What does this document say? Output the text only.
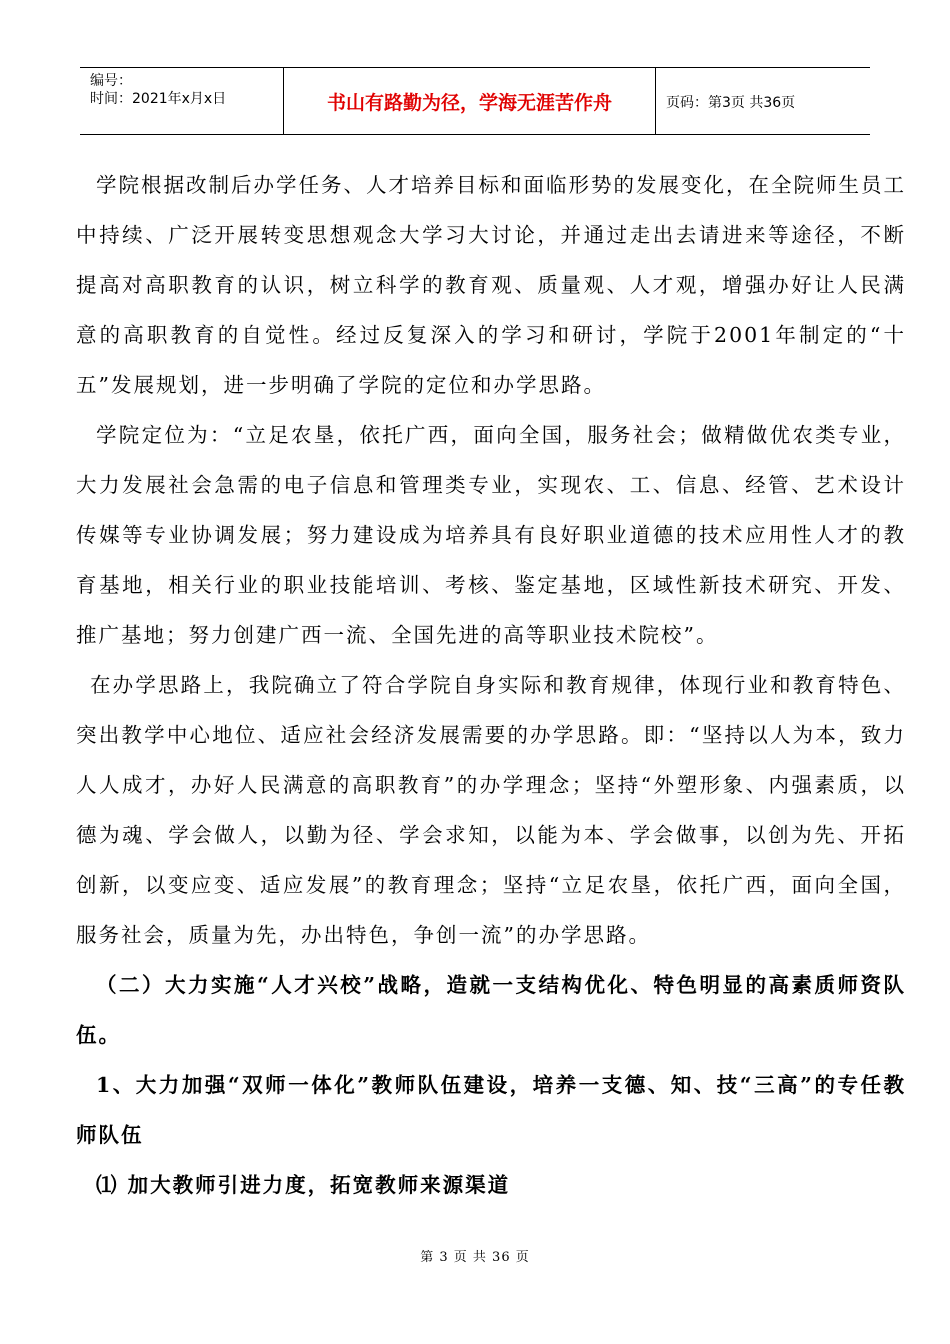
编号：
时间：2021年x月x日	书山有路勤为径，学海无涯苦作舟	页码：第3页 共36页

学院根据改制后办学任务、人才培养目标和面临形势的发展变化，在全院师生员工中持续、广泛开展转变思想观念大学习大讨论，并通过走出去请进来等途径，不断提高对高职教育的认识，树立科学的教育观、质量观、人才观，增强办好让人民满意的高职教育的自觉性。经过反复深入的学习和研讨，学院于2001年制定的“十五”发展规划，进一步明确了学院的定位和办学思路。

学院定位为：“立足农垦，依托广西，面向全国，服务社会；做精做优农类专业，大力发展社会急需的电子信息和管理类专业，实现农、工、信息、经管、艺术设计传媒等专业协调发展；努力建设成为培养具有良好职业道德的技术应用性人才的教育基地，相关行业的职业技能培训、考核、鉴定基地，区域性新技术研究、开发、推广基地；努力创建广西一流、全国先进的高等职业技术院校”。

在办学思路上，我院确立了符合学院自身实际和教育规律，体现行业和教育特色、突出教学中心地位、适应社会经济发展需要的办学思路。即：“坚持以人为本，致力人人成才，办好人民满意的高职教育”的办学理念；坚持“外塑形象、内强素质，以德为魂、学会做人，以勤为径、学会求知，以能为本、学会做事，以创为先、开拓创新，以变应变、适应发展”的教育理念；坚持“立足农垦，依托广西，面向全国，服务社会，质量为先，办出特色，争创一流”的办学思路。

（二）大力实施“人才兴校”战略，造就一支结构优化、特色明显的高素质师资队伍。

1、大力加强“双师一体化”教师队伍建设，培养一支德、知、技“三高”的专任教师队伍

⑴ 加大教师引进力度，拓宽教师来源渠道

第 3 页 共 36 页
